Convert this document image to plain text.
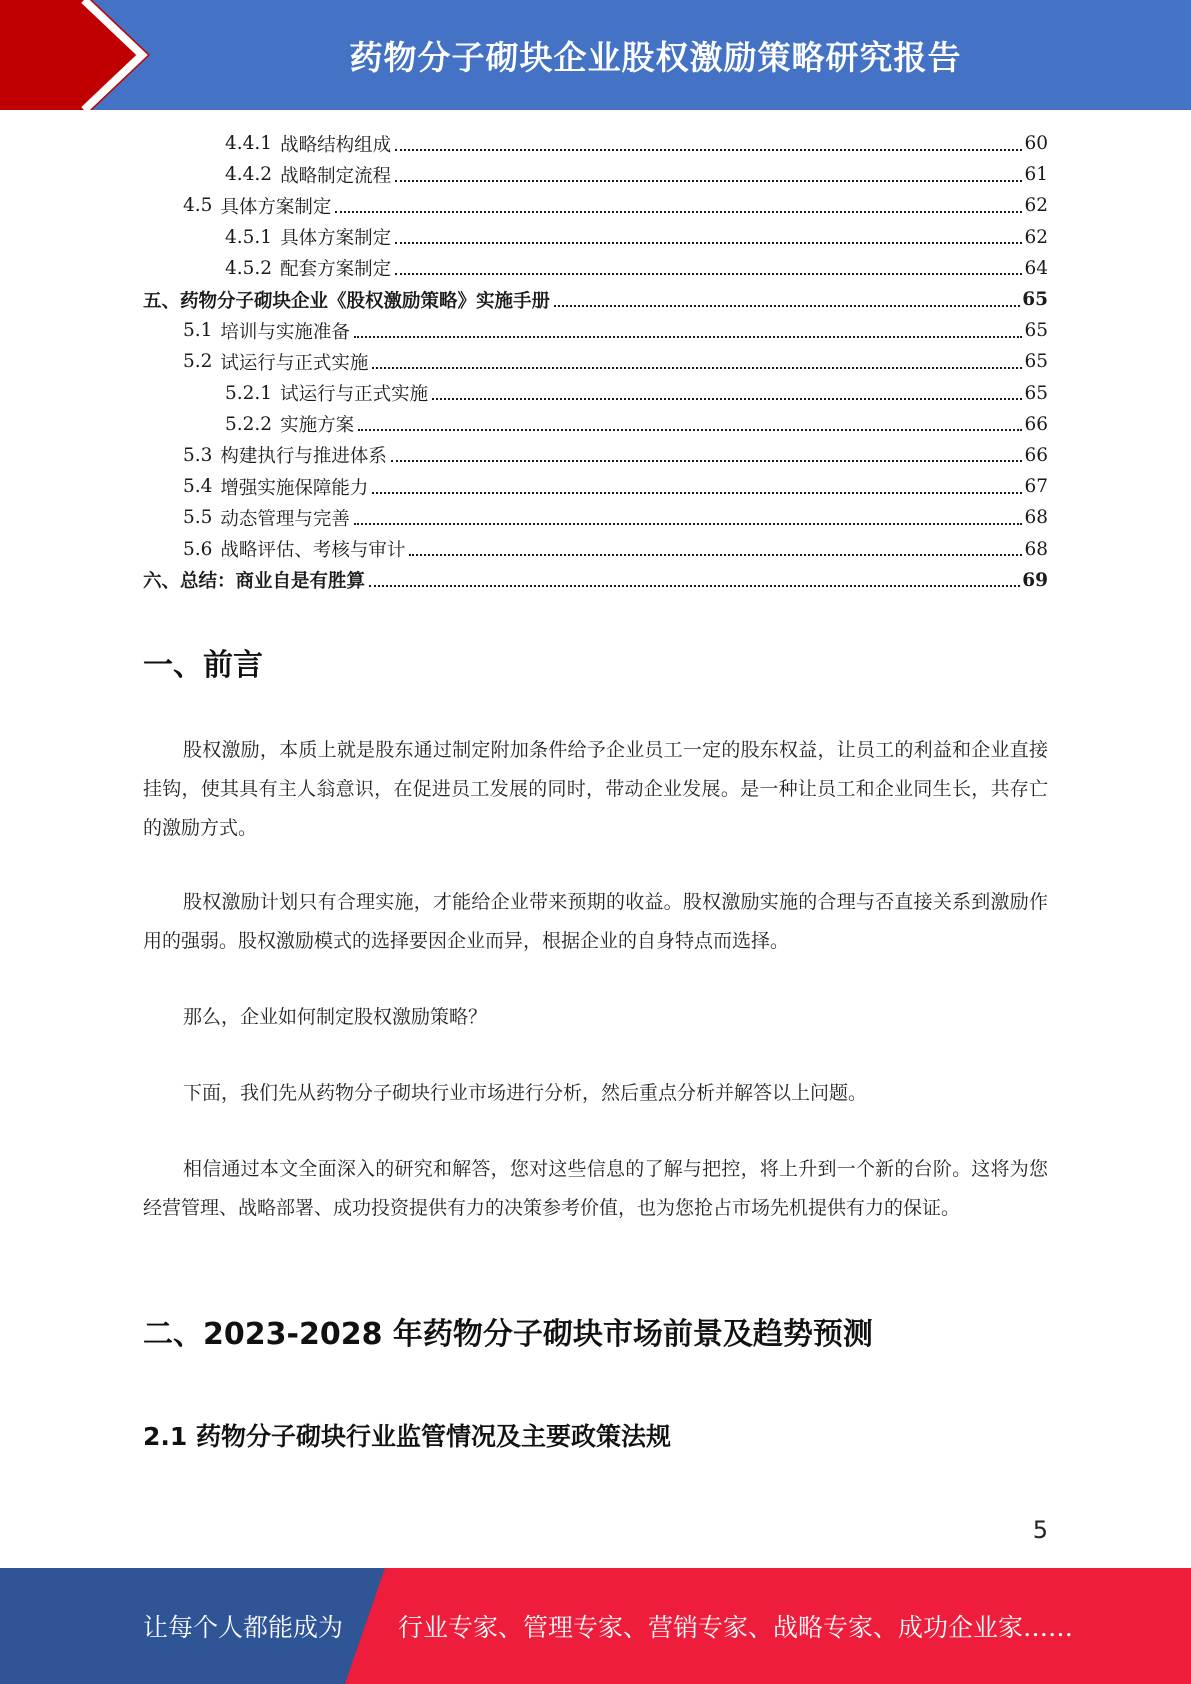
药物分子砌块企业股权激励策略研究报告
4.4.1 战略结构组成	60
4.4.2 战略制定流程	61
4.5 具体方案制定	62
4.5.1 具体方案制定	62
4.5.2 配套方案制定	64
五、药物分子砌块企业《股权激励策略》实施手册	65
5.1 培训与实施准备	65
5.2 试运行与正式实施	65
5.2.1 试运行与正式实施	65
5.2.2 实施方案	66
5.3 构建执行与推进体系	66
5.4 增强实施保障能力	67
5.5 动态管理与完善	68
5.6 战略评估、考核与审计	68
六、总结：商业自是有胜算	69
一、前言
股权激励，本质上就是股东通过制定附加条件给予企业员工一定的股东权益，让员工的利益和企业直接挂钩，使其具有主人翁意识，在促进员工发展的同时，带动企业发展。是一种让员工和企业同生长，共存亡的激励方式。
股权激励计划只有合理实施，才能给企业带来预期的收益。股权激励实施的合理与否直接关系到激励作用的强弱。股权激励模式的选择要因企业而异，根据企业的自身特点而选择。
那么，企业如何制定股权激励策略？
下面，我们先从药物分子砌块行业市场进行分析，然后重点分析并解答以上问题。
相信通过本文全面深入的研究和解答，您对这些信息的了解与把控，将上升到一个新的台阶。这将为您经营管理、战略部署、成功投资提供有力的决策参考价值，也为您抢占市场先机提供有力的保证。
二、2023-2028 年药物分子砌块市场前景及趋势预测
2.1 药物分子砌块行业监管情况及主要政策法规
5
让每个人都能成为 行业专家、管理专家、营销专家、战略专家、成功企业家……
